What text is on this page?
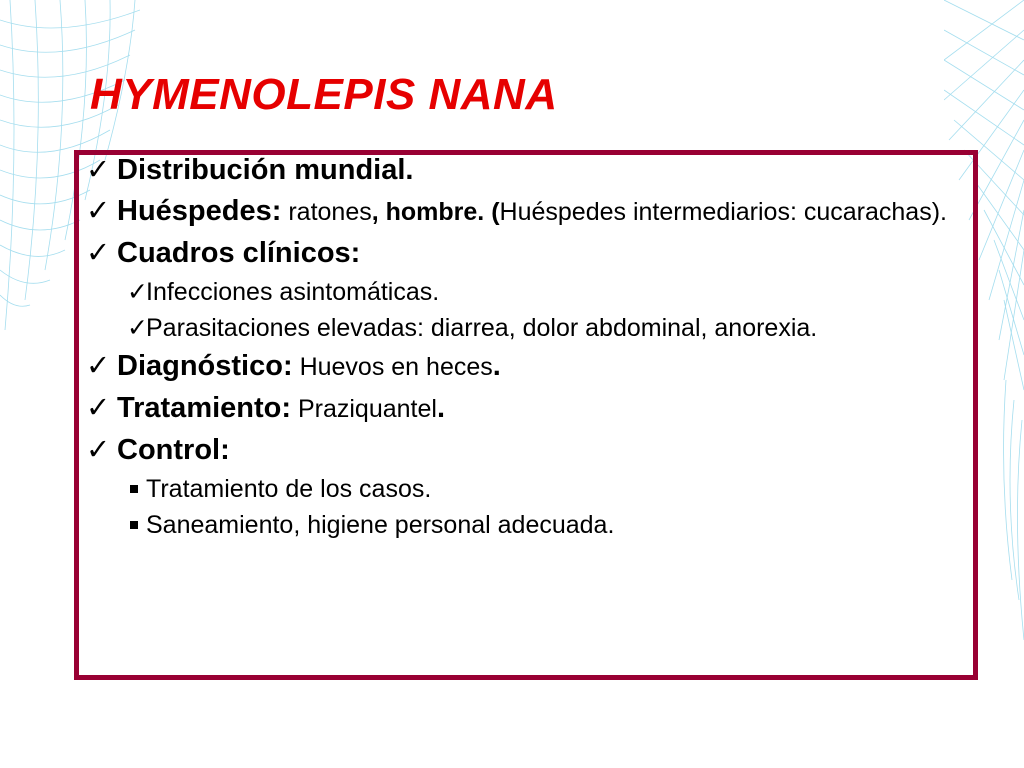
HYMENOLEPIS NANA
✓ Distribución mundial.
✓ Huéspedes: ratones, hombre. (Huéspedes intermediarios: cucarachas).
✓ Cuadros clínicos:
✓
Infecciones asintomáticas.
✓
Parasitaciones elevadas: diarrea, dolor abdominal, anorexia.
✓ Diagnóstico: Huevos en heces.
✓ Tratamiento: Praziquantel.
✓ Control:
Tratamiento de los casos.
Saneamiento, higiene personal adecuada.
